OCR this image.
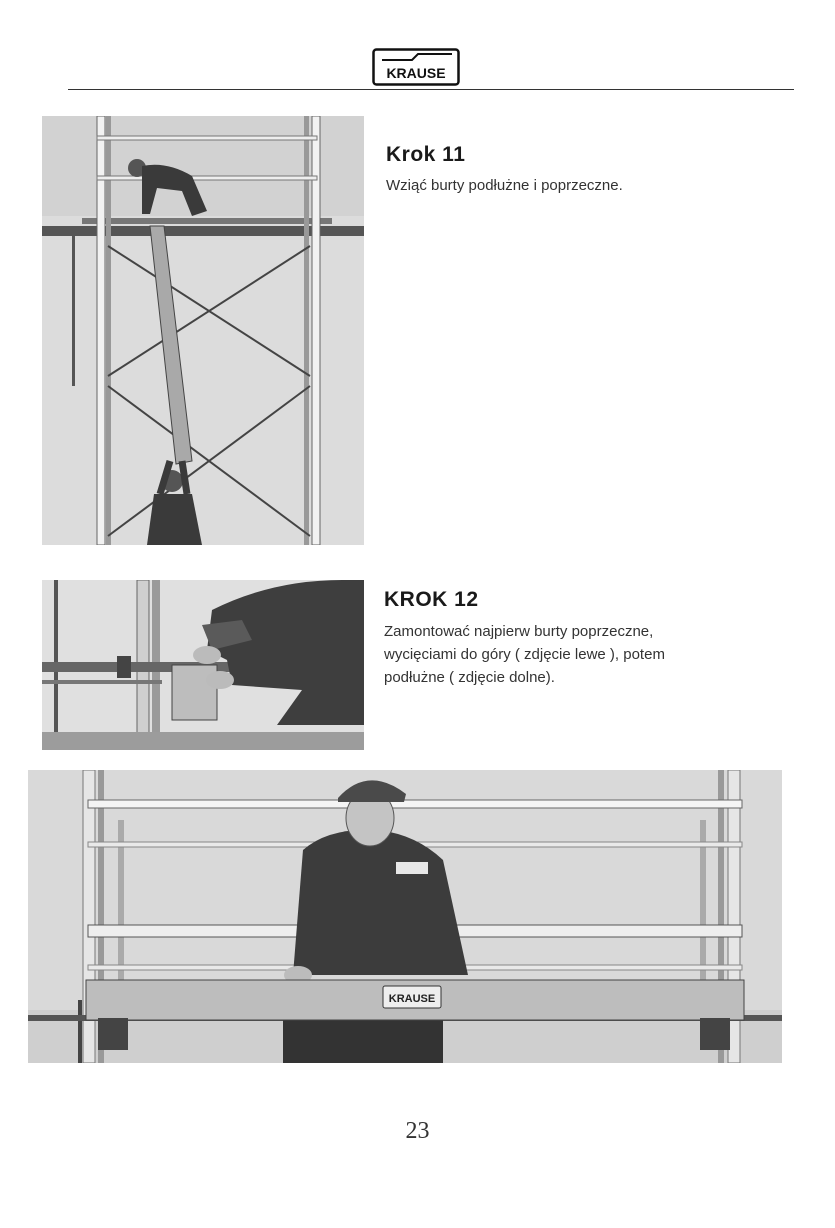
KRAUSE
Krok 11
Wziąć burty podłużne i poprzeczne.
KROK 12
Zamontować najpierw burty poprzeczne,
wycięciami do góry ( zdjęcie lewe ), potem
podłużne ( zdjęcie dolne).
KRAUSE
23
